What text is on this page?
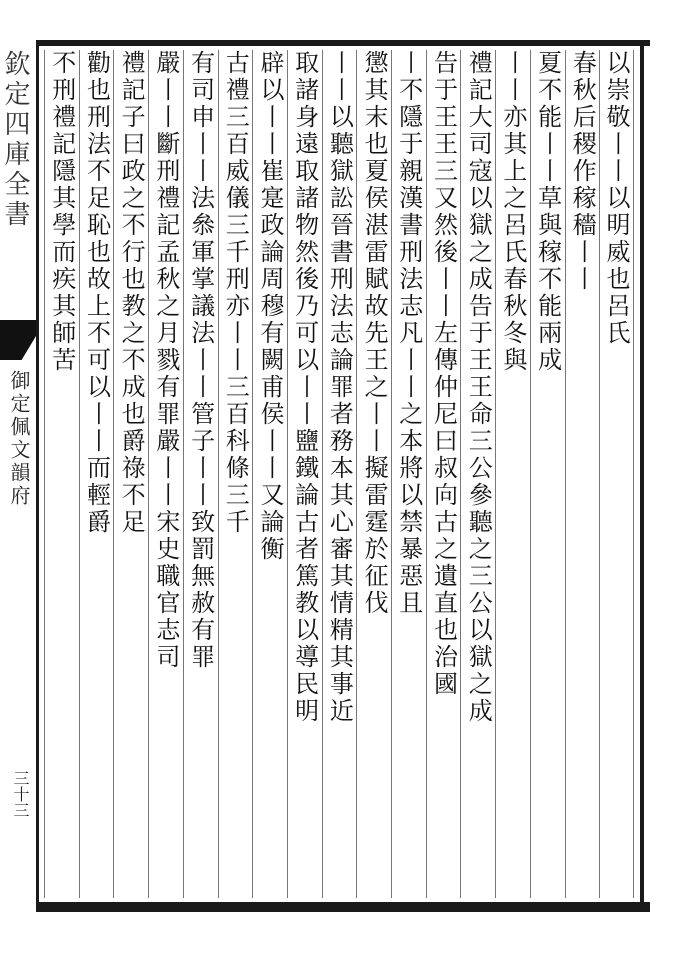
欽定四庫全書
御定佩文韻府
三十三
以崇敬丨丨以明威也呂氏
春秋后稷作稼穡丨丨
夏不能丨丨草與稼不能兩成
丨丨亦其上之呂氏春秋冬與
禮記大司寇以獄之成告于王王命三公參聽之三公以獄之成
告于王王三又然後丨丨左傳仲尼曰叔向古之遺直也治國
丨不隱于親漢書刑法志凡丨丨之本將以禁暴惡且
懲其末也夏侯湛雷賦故先王之丨丨擬雷霆於征伐
丨丨以聽獄訟晉書刑法志論罪者務本其心審其情精其事近
取諸身遠取諸物然後乃可以丨丨鹽鐵論古者篤教以導民明
辟以丨丨崔寔政論周穆有闕甫侯丨丨又論衡
古禮三百威儀三千刑亦丨丨三百科條三千
有司申丨丨法叅軍掌議法丨丨管子丨丨致罰無赦有罪
嚴丨丨斷刑禮記孟秋之月戮有罪嚴丨丨宋史職官志司
禮記子曰政之不行也教之不成也爵祿不足
勸也刑法不足恥也故上不可以丨丨而輕爵
不刑禮記隱其學而疾其師苦
